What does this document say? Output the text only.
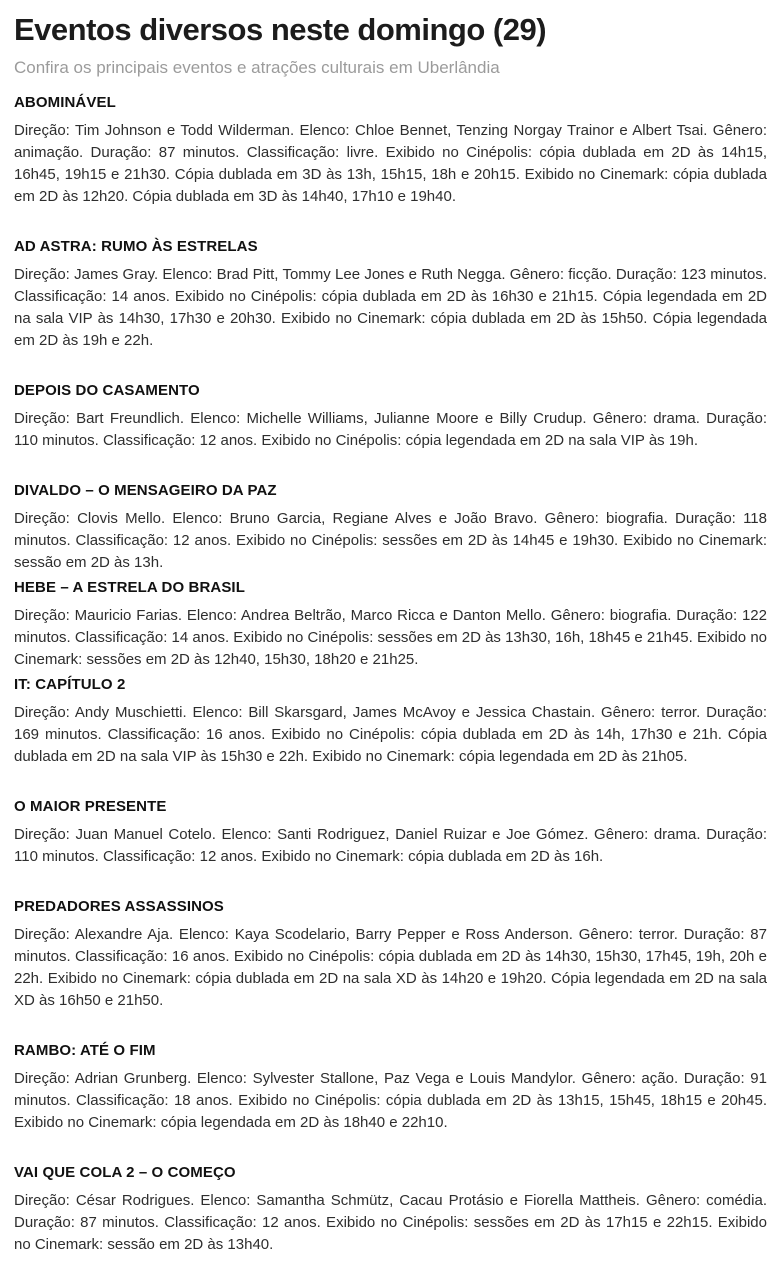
Eventos diversos neste domingo (29)

Confira os principais eventos e atrações culturais em Uberlândia

ABOMINÁVEL

Direção: Tim Johnson e Todd Wilderman. Elenco: Chloe Bennet, Tenzing Norgay Trainor e Albert Tsai. Gênero: animação. Duração: 87 minutos. Classificação: livre. Exibido no Cinépolis: cópia dublada em 2D às 14h15, 16h45, 19h15 e 21h30. Cópia dublada em 3D às 13h, 15h15, 18h e 20h15. Exibido no Cinemark: cópia dublada em 2D às 12h20. Cópia dublada em 3D às 14h40, 17h10 e 19h40.

AD ASTRA: RUMO ÀS ESTRELAS

Direção: James Gray. Elenco: Brad Pitt, Tommy Lee Jones e Ruth Negga. Gênero: ficção. Duração: 123 minutos. Classificação: 14 anos. Exibido no Cinépolis: cópia dublada em 2D às 16h30 e 21h15. Cópia legendada em 2D na sala VIP às 14h30, 17h30 e 20h30. Exibido no Cinemark: cópia dublada em 2D às 15h50. Cópia legendada em 2D às 19h e 22h.

DEPOIS DO CASAMENTO

Direção: Bart Freundlich. Elenco: Michelle Williams, Julianne Moore e Billy Crudup. Gênero: drama. Duração: 110 minutos. Classificação: 12 anos. Exibido no Cinépolis: cópia legendada em 2D na sala VIP às 19h.

DIVALDO – O MENSAGEIRO DA PAZ

Direção: Clovis Mello. Elenco: Bruno Garcia, Regiane Alves e João Bravo. Gênero: biografia. Duração: 118 minutos. Classificação: 12 anos. Exibido no Cinépolis: sessões em 2D às 14h45 e 19h30. Exibido no Cinemark: sessão em 2D às 13h.

HEBE – A ESTRELA DO BRASIL

Direção: Mauricio Farias. Elenco: Andrea Beltrão, Marco Ricca e Danton Mello. Gênero: biografia. Duração: 122 minutos. Classificação: 14 anos. Exibido no Cinépolis: sessões em 2D às 13h30, 16h, 18h45 e 21h45. Exibido no Cinemark: sessões em 2D às 12h40, 15h30, 18h20 e 21h25.

IT: CAPÍTULO 2

Direção: Andy Muschietti. Elenco: Bill Skarsgard, James McAvoy e Jessica Chastain. Gênero: terror. Duração: 169 minutos. Classificação: 16 anos. Exibido no Cinépolis: cópia dublada em 2D às 14h, 17h30 e 21h. Cópia dublada em 2D na sala VIP às 15h30 e 22h. Exibido no Cinemark: cópia legendada em 2D às 21h05.

O MAIOR PRESENTE

Direção: Juan Manuel Cotelo. Elenco: Santi Rodriguez, Daniel Ruizar e Joe Gómez. Gênero: drama. Duração: 110 minutos. Classificação: 12 anos. Exibido no Cinemark: cópia dublada em 2D às 16h.

PREDADORES ASSASSINOS

Direção: Alexandre Aja. Elenco: Kaya Scodelario, Barry Pepper e Ross Anderson. Gênero: terror. Duração: 87 minutos. Classificação: 16 anos. Exibido no Cinépolis: cópia dublada em 2D às 14h30, 15h30, 17h45, 19h, 20h e 22h. Exibido no Cinemark: cópia dublada em 2D na sala XD às 14h20 e 19h20. Cópia legendada em 2D na sala XD às 16h50 e 21h50.

RAMBO: ATÉ O FIM

Direção: Adrian Grunberg. Elenco: Sylvester Stallone, Paz Vega e Louis Mandylor. Gênero: ação. Duração: 91 minutos. Classificação: 18 anos. Exibido no Cinépolis: cópia dublada em 2D às 13h15, 15h45, 18h15 e 20h45. Exibido no Cinemark: cópia legendada em 2D às 18h40 e 22h10.

VAI QUE COLA 2 – O COMEÇO

Direção: César Rodrigues. Elenco: Samantha Schmütz, Cacau Protásio e Fiorella Mattheis. Gênero: comédia. Duração: 87 minutos. Classificação: 12 anos. Exibido no Cinépolis: sessões em 2D às 17h15 e 22h15. Exibido no Cinemark: sessão em 2D às 13h40.
